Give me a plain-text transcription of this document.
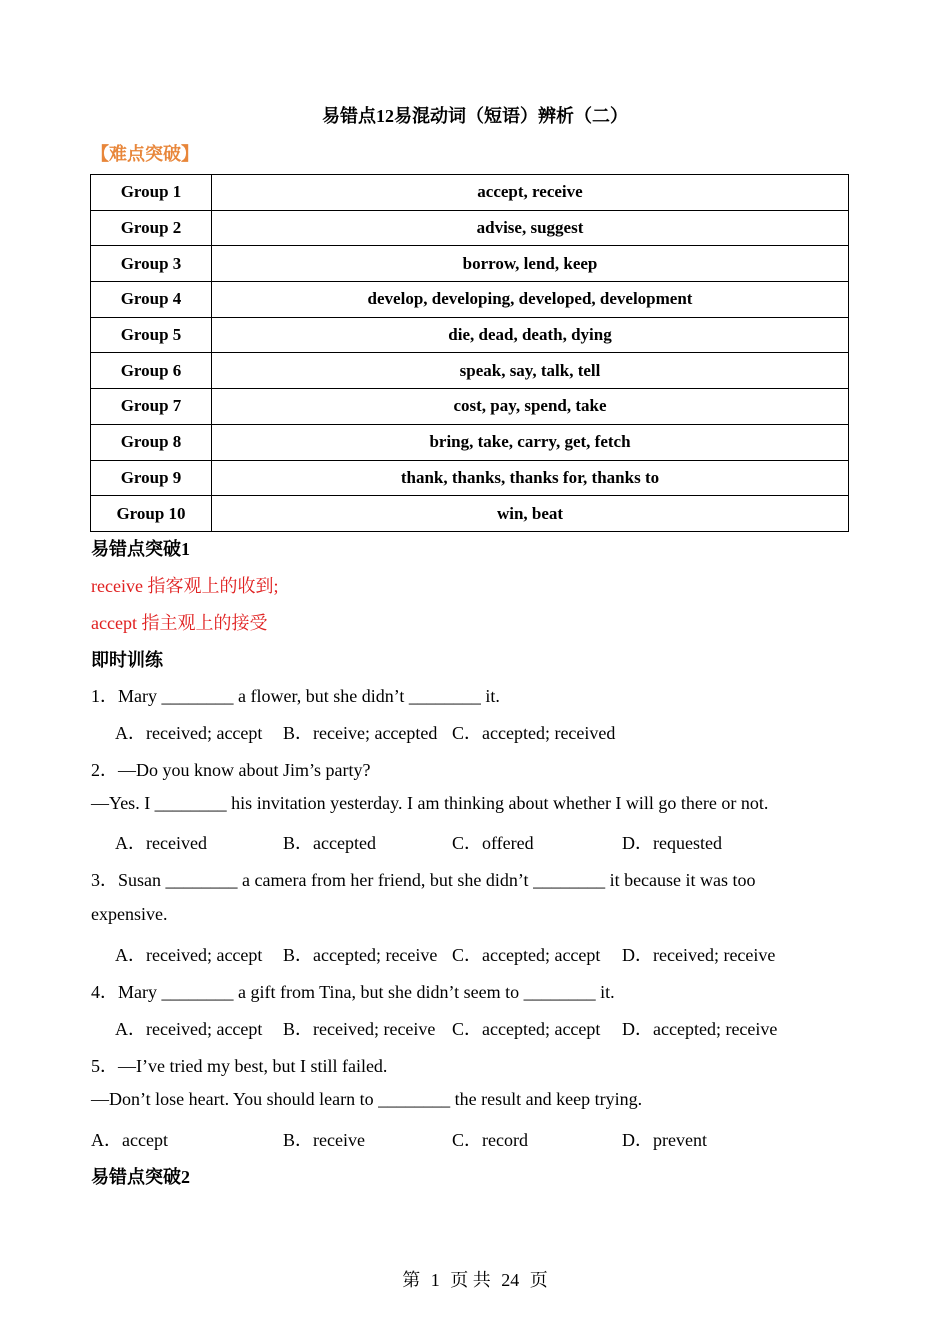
易错点12易混动词（短语）辨析（二）
【难点突破】
Group 1	accept, receive
Group 2	advise, suggest
Group 3	borrow, lend, keep
Group 4	develop, developing, developed, development
Group 5	die, dead, death, dying
Group 6	speak, say, talk, tell
Group 7	cost, pay, spend, take
Group 8	bring, take, carry, get, fetch
Group 9	thank, thanks, thanks for, thanks to
Group 10	win, beat
易错点突破1
receive 指客观上的收到;
accept 指主观上的接受
即时训练
1．Mary ________ a flower, but she didn’t ________ it.
A．received; accept B．receive; accepted C．accepted; received
2．—Do you know about Jim’s party?
—Yes. I ________ his invitation yesterday. I am thinking about whether I will go there or not.
A．received	B．accepted	C．offered	D．requested
3．Susan ________ a camera from her friend, but she didn’t ________ it because it was too
expensive.
A．received; accept B．accepted; receive C．accepted; accept D．received; receive
4．Mary ________ a gift from Tina, but she didn’t seem to ________ it.
A．received; accept B．received; receive C．accepted; accept D．accepted; receive
5．—I’ve tried my best, but I still failed.
—Don’t lose heart. You should learn to ________ the result and keep trying.
A．accept	B．receive	C．record	D．prevent
易错点突破2
第 1 页 共 24 页
